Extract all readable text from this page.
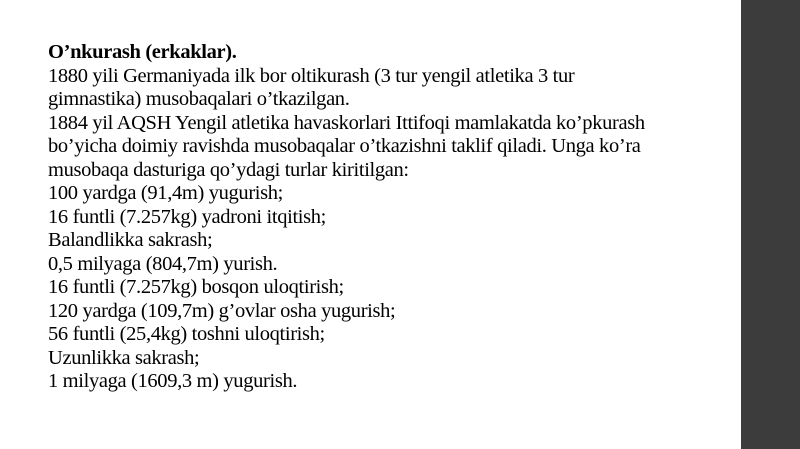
O’nkurash (erkaklar).
1880 yili Germaniyada ilk bor oltikurash (3 tur yengil atletika 3 tur
gimnastika) musobaqalari o’tkazilgan.
1884 yil AQSH Yengil atletika havaskorlari Ittifoqi mamlakatda ko’pkurash
bo’yicha doimiy ravishda musobaqalar o’tkazishni taklif qiladi. Unga ko’ra
musobaqa dasturiga qo’ydagi turlar kiritilgan:
100 yardga (91,4m) yugurish;
16 funtli (7.257kg) yadroni itqitish;
Balandlikka sakrash;
0,5 milyaga (804,7m) yurish.
16 funtli (7.257kg) bosqon uloqtirish;
120 yardga (109,7m) g’ovlar osha yugurish;
56 funtli (25,4kg) toshni uloqtirish;
Uzunlikka sakrash;
1 milyaga (1609,3 m) yugurish.
